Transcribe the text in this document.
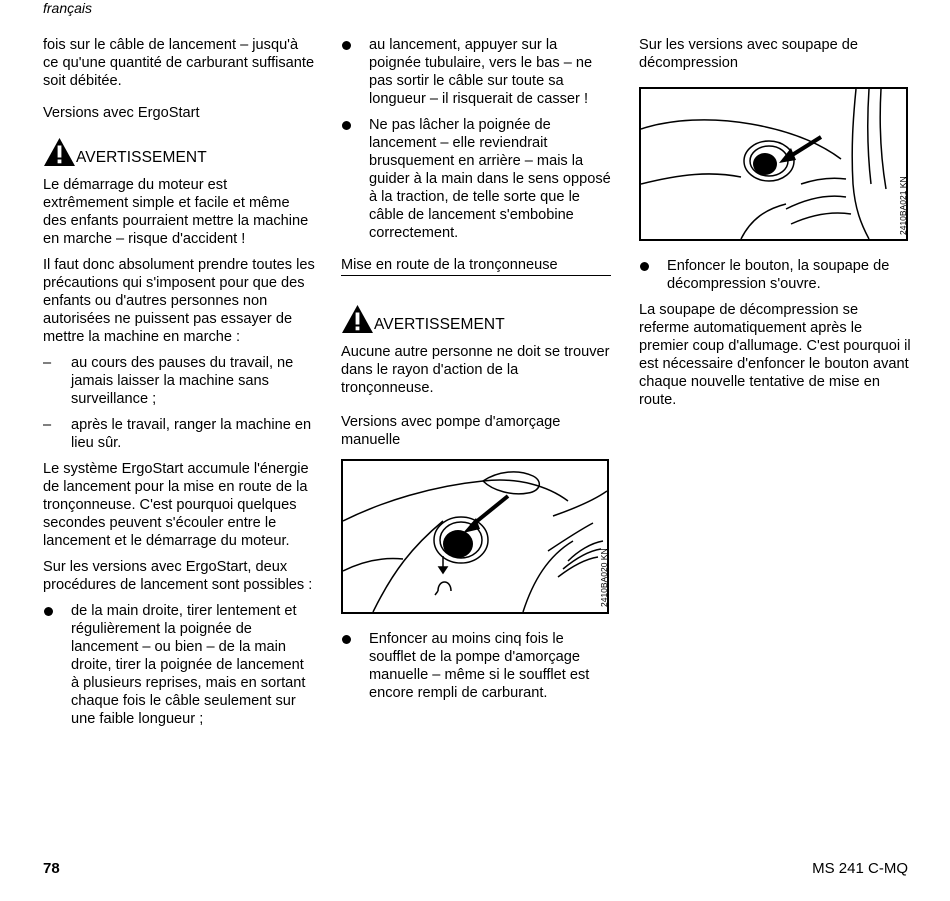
français

fois sur le câble de lancement – jusqu'à ce qu'une quantité de carburant suffisante soit débitée.

Versions avec ErgoStart

AVERTISSEMENT

Le démarrage du moteur est extrêmement simple et facile et même des enfants pourraient mettre la machine en marche – risque d'accident !

Il faut donc absolument prendre toutes les précautions qui s'imposent pour que des enfants ou d'autres personnes non autorisées ne puissent pas essayer de mettre la machine en marche :

– au cours des pauses du travail, ne jamais laisser la machine sans surveillance ;
– après le travail, ranger la machine en lieu sûr.

Le système ErgoStart accumule l'énergie de lancement pour la mise en route de la tronçonneuse. C'est pourquoi quelques secondes peuvent s'écouler entre le lancement et le démarrage du moteur.

Sur les versions avec ErgoStart, deux procédures de lancement sont possibles :

de la main droite, tirer lentement et régulièrement la poignée de lancement – ou bien – de la main droite, tirer la poignée de lancement à plusieurs reprises, mais en sortant chaque fois le câble seulement sur une faible longueur ;
au lancement, appuyer sur la poignée tubulaire, vers le bas – ne pas sortir le câble sur toute sa longueur – il risquerait de casser !
Ne pas lâcher la poignée de lancement – elle reviendrait brusquement en arrière – mais la guider à la main dans le sens opposé à la traction, de telle sorte que le câble de lancement s'embobine correctement.

Mise en route de la tronçonneuse

AVERTISSEMENT

Aucune autre personne ne doit se trouver dans le rayon d'action de la tronçonneuse.

Versions avec pompe d'amorçage manuelle

2410BA020 KN
Enfoncer au moins cinq fois le soufflet de la pompe d'amorçage manuelle – même si le soufflet est encore rempli de carburant.

Sur les versions avec soupape de décompression

2410BA021 KN
Enfoncer le bouton, la soupape de décompression s'ouvre.

La soupape de décompression se referme automatiquement après le premier coup d'allumage. C'est pourquoi il est nécessaire d'enfoncer le bouton avant chaque nouvelle tentative de mise en route.

78	MS 241 C-MQ
